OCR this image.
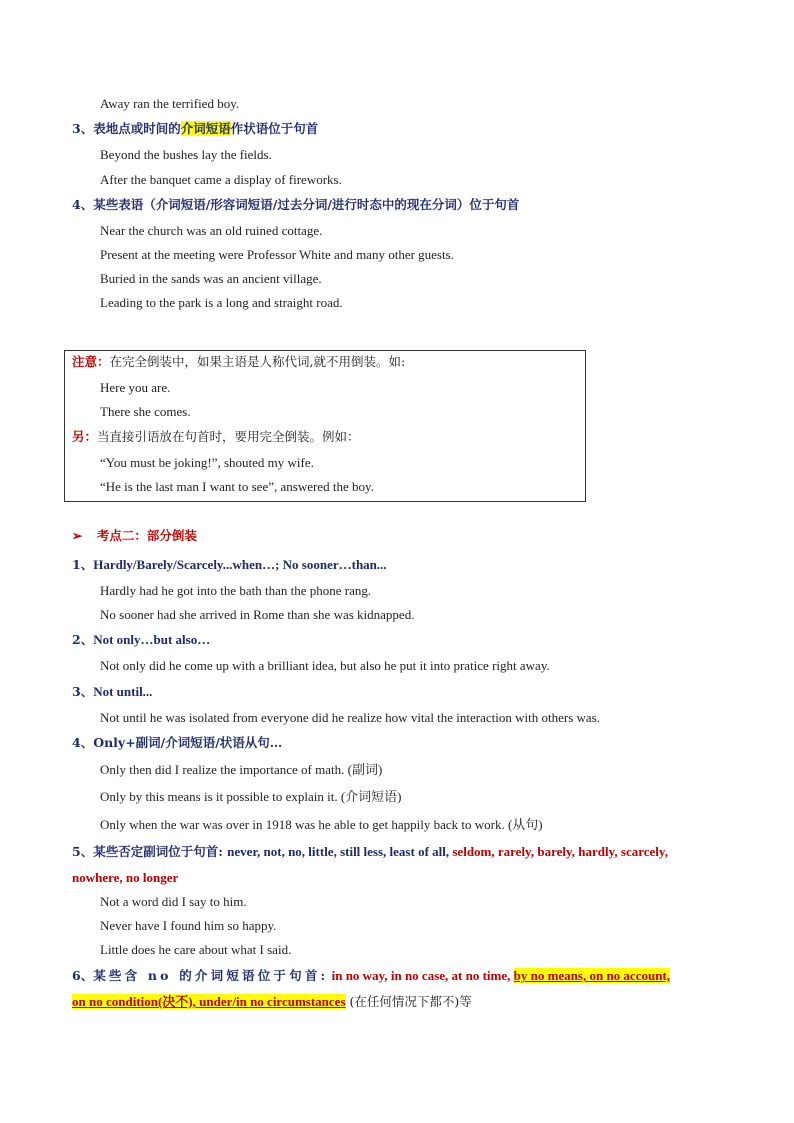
Away ran the terrified boy.
3、表地点或时间的介词短语作状语位于句首
Beyond the bushes lay the fields.
After the banquet came a display of fireworks.
4、某些表语（介词短语/形容词短语/过去分词/进行时态中的现在分词）位于句首
Near the church was an old ruined cottage.
Present at the meeting were Professor White and many other guests.
Buried in the sands was an ancient village.
Leading to the park is a long and straight road.
注意：在完全倒装中，如果主语是人称代词,就不用倒装。如:
Here you are.
There she comes.
另：当直接引语放在句首时，要用完全倒装。例如：
“You must be joking!”, shouted my wife.
“He is the last man I want to see”, answered the boy.
➢ 考点二：部分倒装
1、Hardly/Barely/Scarcely...when…; No sooner…than...
Hardly had he got into the bath than the phone rang.
No sooner had she arrived in Rome than she was kidnapped.
2、Not only…but also…
Not only did he come up with a brilliant idea, but also he put it into pratice right away.
3、Not until...
Not until he was isolated from everyone did he realize how vital the interaction with others was.
4、Only+副词/介词短语/状语从句…
Only then did I realize the importance of math. (副词)
Only by this means is it possible to explain it. (介词短语)
Only when the war was over in 1918 was he able to get happily back to work. (从句)
5、某些否定副词位于句首: never, not, no, little, still less, least of all, seldom, rarely, barely, hardly, scarcely,
nowhere, no longer
Not a word did I say to him.
Never have I found him so happy.
Little does he care about what I said.
6、某些含 no 的介词短语位于句首: in no way, in no case, at no time, by no means, on no account,
on no condition(决不), under/in no circumstances (在任何情况下都不)等
